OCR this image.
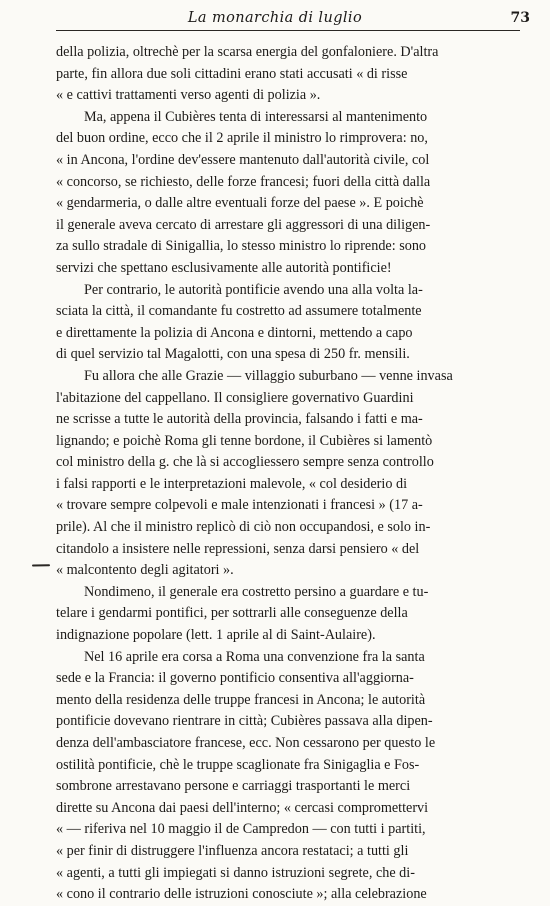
La monarchia di luglio	73
della polizia, oltrechè per la scarsa energia del gonfaloniere. D'altra
parte, fin allora due soli cittadini erano stati accusati « di risse
« e cattivi trattamenti verso agenti di polizia ».
Ma, appena il Cubières tenta di interessarsi al mantenimento
del buon ordine, ecco che il 2 aprile il ministro lo rimprovera: no,
« in Ancona, l'ordine dev'essere mantenuto dall'autorità civile, col
« concorso, se richiesto, delle forze francesi; fuori della città dalla
« gendarmeria, o dalle altre eventuali forze del paese ». E poichè
il generale aveva cercato di arrestare gli aggressori di una diligen-
za sullo stradale di Sinigallia, lo stesso ministro lo riprende: sono
servizi che spettano esclusivamente alle autorità pontificie!
Per contrario, le autorità pontificie avendo una alla volta la-
sciata la città, il comandante fu costretto ad assumere totalmente
e direttamente la polizia di Ancona e dintorni, mettendo a capo
di quel servizio tal Magalotti, con una spesa di 250 fr. mensili.
Fu allora che alle Grazie — villaggio suburbano — venne invasa
l'abitazione del cappellano. Il consigliere governativo Guardini
ne scrisse a tutte le autorità della provincia, falsando i fatti e ma-
lignando; e poichè Roma gli tenne bordone, il Cubières si lamentò
col ministro della g. che là si accogliessero sempre senza controllo
i falsi rapporti e le interpretazioni malevole, « col desiderio di
« trovare sempre colpevoli e male intenzionati i francesi » (17 a-
prile). Al che il ministro replicò di ciò non occupandosi, e solo in-
citandolo a insistere nelle repressioni, senza darsi pensiero « del
« malcontento degli agitatori ».
Nondimeno, il generale era costretto persino a guardare e tu-
telare i gendarmi pontifici, per sottrarli alle conseguenze della
indignazione popolare (lett. 1 aprile al di Saint-Aulaire).
Nel 16 aprile era corsa a Roma una convenzione fra la santa
sede e la Francia: il governo pontificio consentiva all'aggiorna-
mento della residenza delle truppe francesi in Ancona; le autorità
pontificie dovevano rientrare in città; Cubières passava alla dipen-
denza dell'ambasciatore francese, ecc. Non cessarono per questo le
ostilità pontificie, chè le truppe scaglionate fra Sinigaglia e Fos-
sombrone arrestavano persone e carriaggi trasportanti le merci
dirette su Ancona dai paesi dell'interno; « cercasi compromettervi
« — riferiva nel 10 maggio il de Campredon — con tutti i partiti,
« per finir di distruggere l'influenza ancora restataci; a tutti gli
« agenti, a tutti gli impiegati si danno istruzioni segrete, che di-
« cono il contrario delle istruzioni conosciute »; alla celebrazione
